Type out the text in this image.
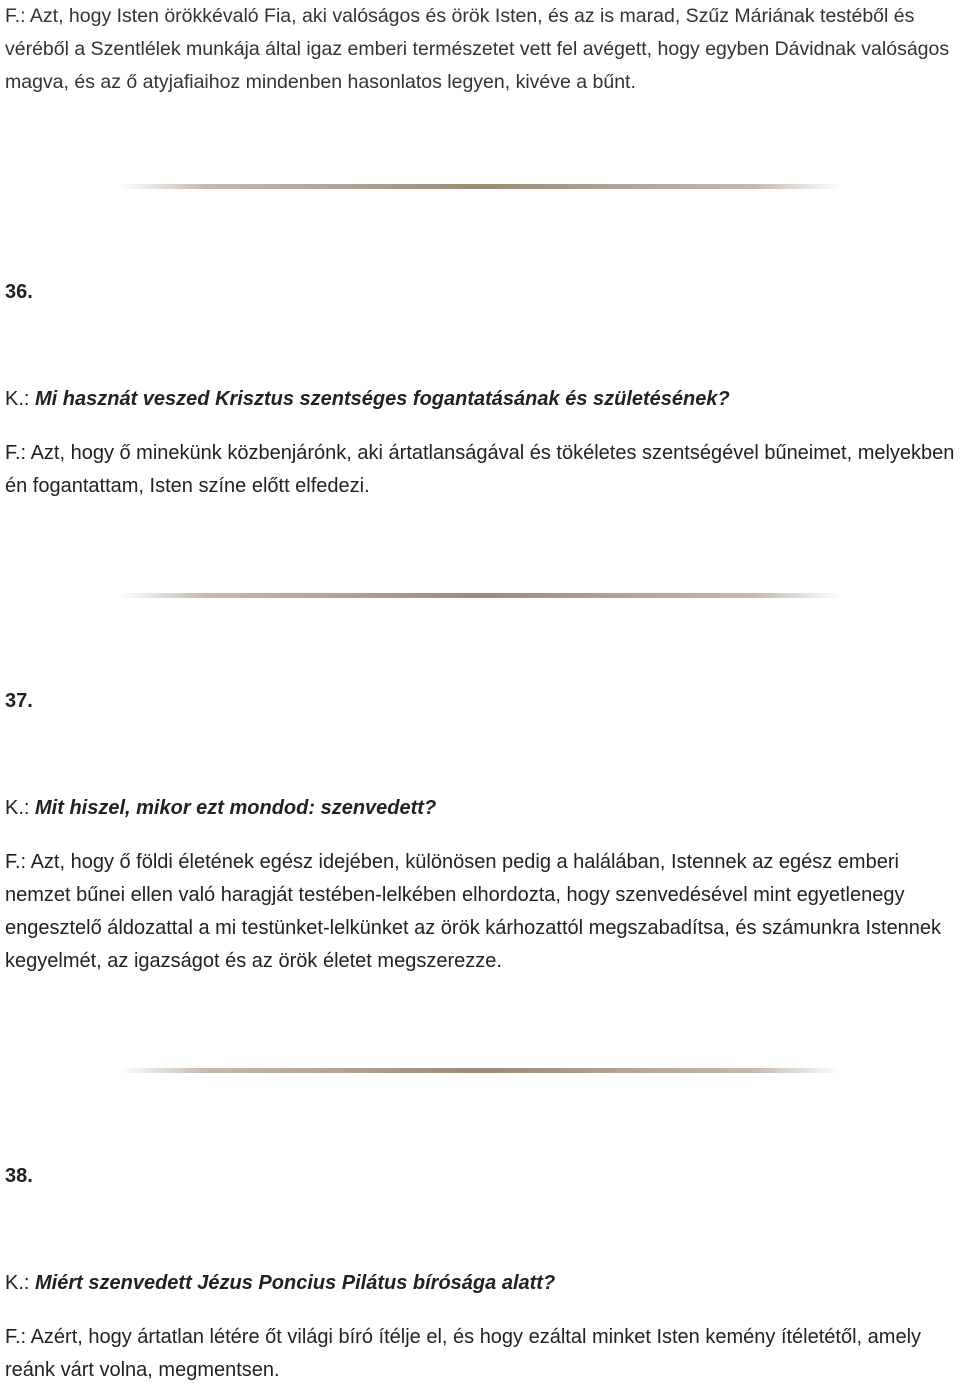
F.: Azt, hogy Isten örökkévaló Fia, aki valóságos és örök Isten, és az is marad, Szűz Máriának testéből és véréből a Szentlélek munkája által igaz emberi természetet vett fel avégett, hogy egyben Dávidnak valóságos magva, és az ő atyjafiaihoz mindenben hasonlatos legyen, kivéve a bűnt.
36.
K.: Mi hasznát veszed Krisztus szentséges fogantatásának és születésének?
F.: Azt, hogy ő minekünk közbenjárónk, aki ártatlanságával és tökéletes szentségével bűneimet, melyekben én fogantattam, Isten színe előtt elfedezi.
37.
K.: Mit hiszel, mikor ezt mondod: szenvedett?
F.: Azt, hogy ő földi életének egész idejében, különösen pedig a halálában, Istennek az egész emberi nemzet bűnei ellen való haragját testében-lelkében elhordozta, hogy szenvedésével mint egyetlenegy engesztelő áldozattal a mi testünket-lelkünket az örök kárhozattól megszabadítsa, és számunkra Istennek kegyelmét, az igazságot és az örök életet megszerezze.
38.
K.: Miért szenvedett Jézus Poncius Pilátus bírósága alatt?
F.: Azért, hogy ártatlan létére őt világi bíró ítélje el, és hogy ezáltal minket Isten kemény ítéletétől, amely reánk várt volna, megmentsen.
